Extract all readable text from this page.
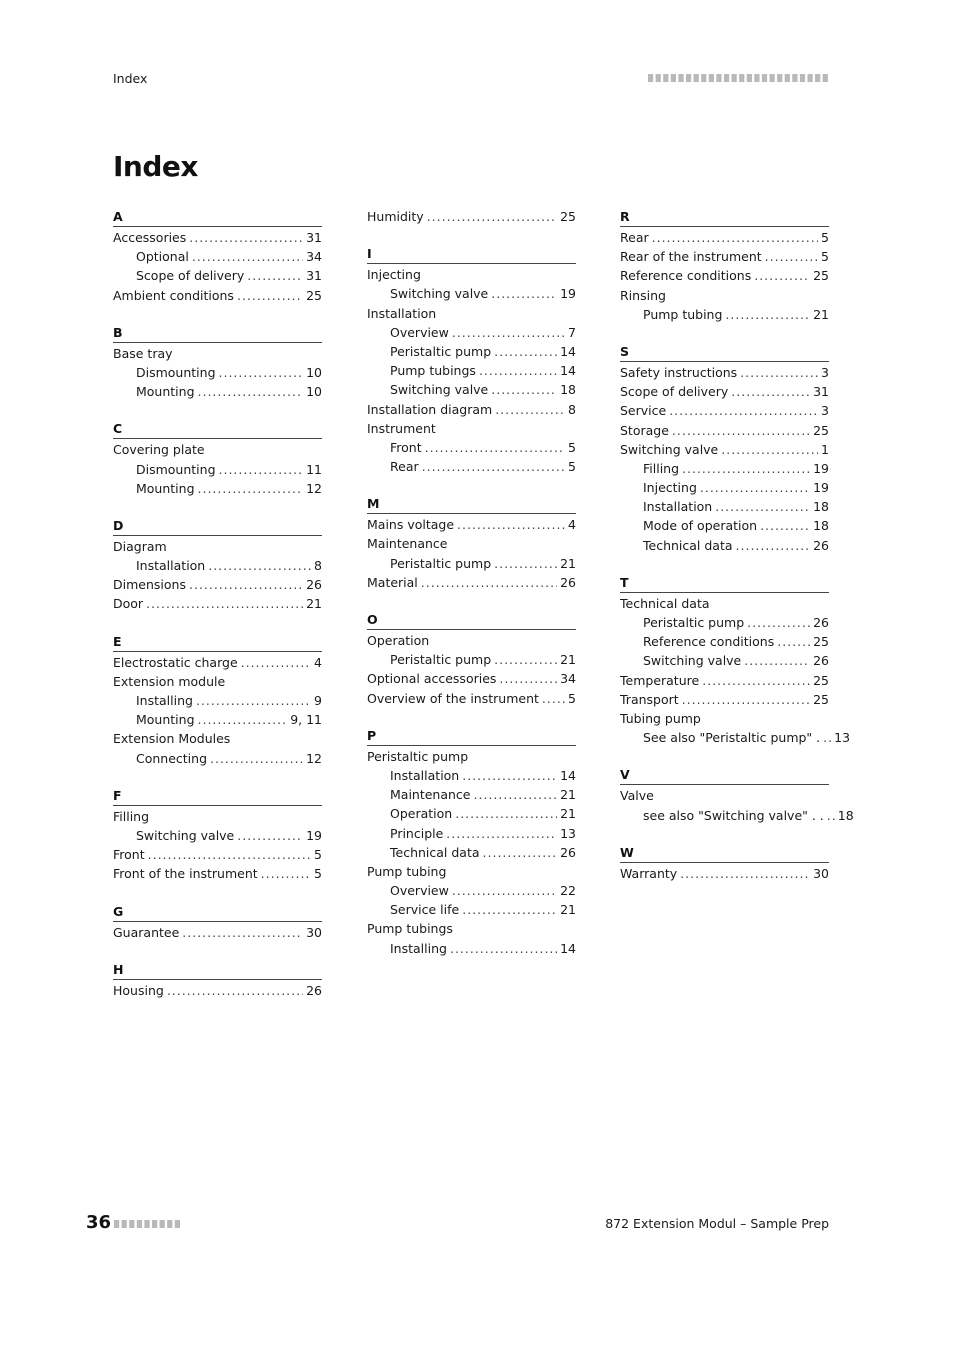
Index
Index
A
Accessories .....	31
Optional .....	34
Scope of delivery .....	31
Ambient conditions .....	25
B
Base tray
Dismounting .....	10
Mounting .....	10
C
Covering plate
Dismounting .....	11
Mounting .....	12
D
Diagram
Installation .....	8
Dimensions .....	26
Door .....	21
E
Electrostatic charge .....	4
Extension module
Installing .....	9
Mounting .....	9, 11
Extension Modules
Connecting .....	12
F
Filling
Switching valve .....	19
Front .....	5
Front of the instrument .....	5
G
Guarantee .....	30
H
Housing .....	26
Humidity .....	25
I
Injecting
Switching valve .....	19
Installation
Overview .....	7
Peristaltic pump .....	14
Pump tubings .....	14
Switching valve .....	18
Installation diagram .....	8
Instrument
Front .....	5
Rear .....	5
M
Mains voltage .....	4
Maintenance
Peristaltic pump .....	21
Material .....	26
O
Operation
Peristaltic pump .....	21
Optional accessories .....	34
Overview of the instrument ..... 5
P
Peristaltic pump
Installation .....	14
Maintenance .....	21
Operation .....	21
Principle .....	13
Technical data .....	26
Pump tubing
Overview .....	22
Service life .....	21
Pump tubings
Installing .....	14
R
Rear .....	5
Rear of the instrument .....	5
Reference conditions .....	25
Rinsing
Pump tubing .....	21
S
Safety instructions .....	3
Scope of delivery .....	31
Service .....	3
Storage .....	25
Switching valve .....	1
Filling .....	19
Injecting .....	19
Installation .....	18
Mode of operation .....	18
Technical data .....	26
T
Technical data
Peristaltic pump .....	26
Reference conditions .....	25
Switching valve .....	26
Temperature .....	25
Transport .....	25
Tubing pump
See also "Peristaltic pump" . ..... 13
V
Valve
see also "Switching valve" . . ..... 18
W
Warranty .....	30
36	872 Extension Modul – Sample Prep
